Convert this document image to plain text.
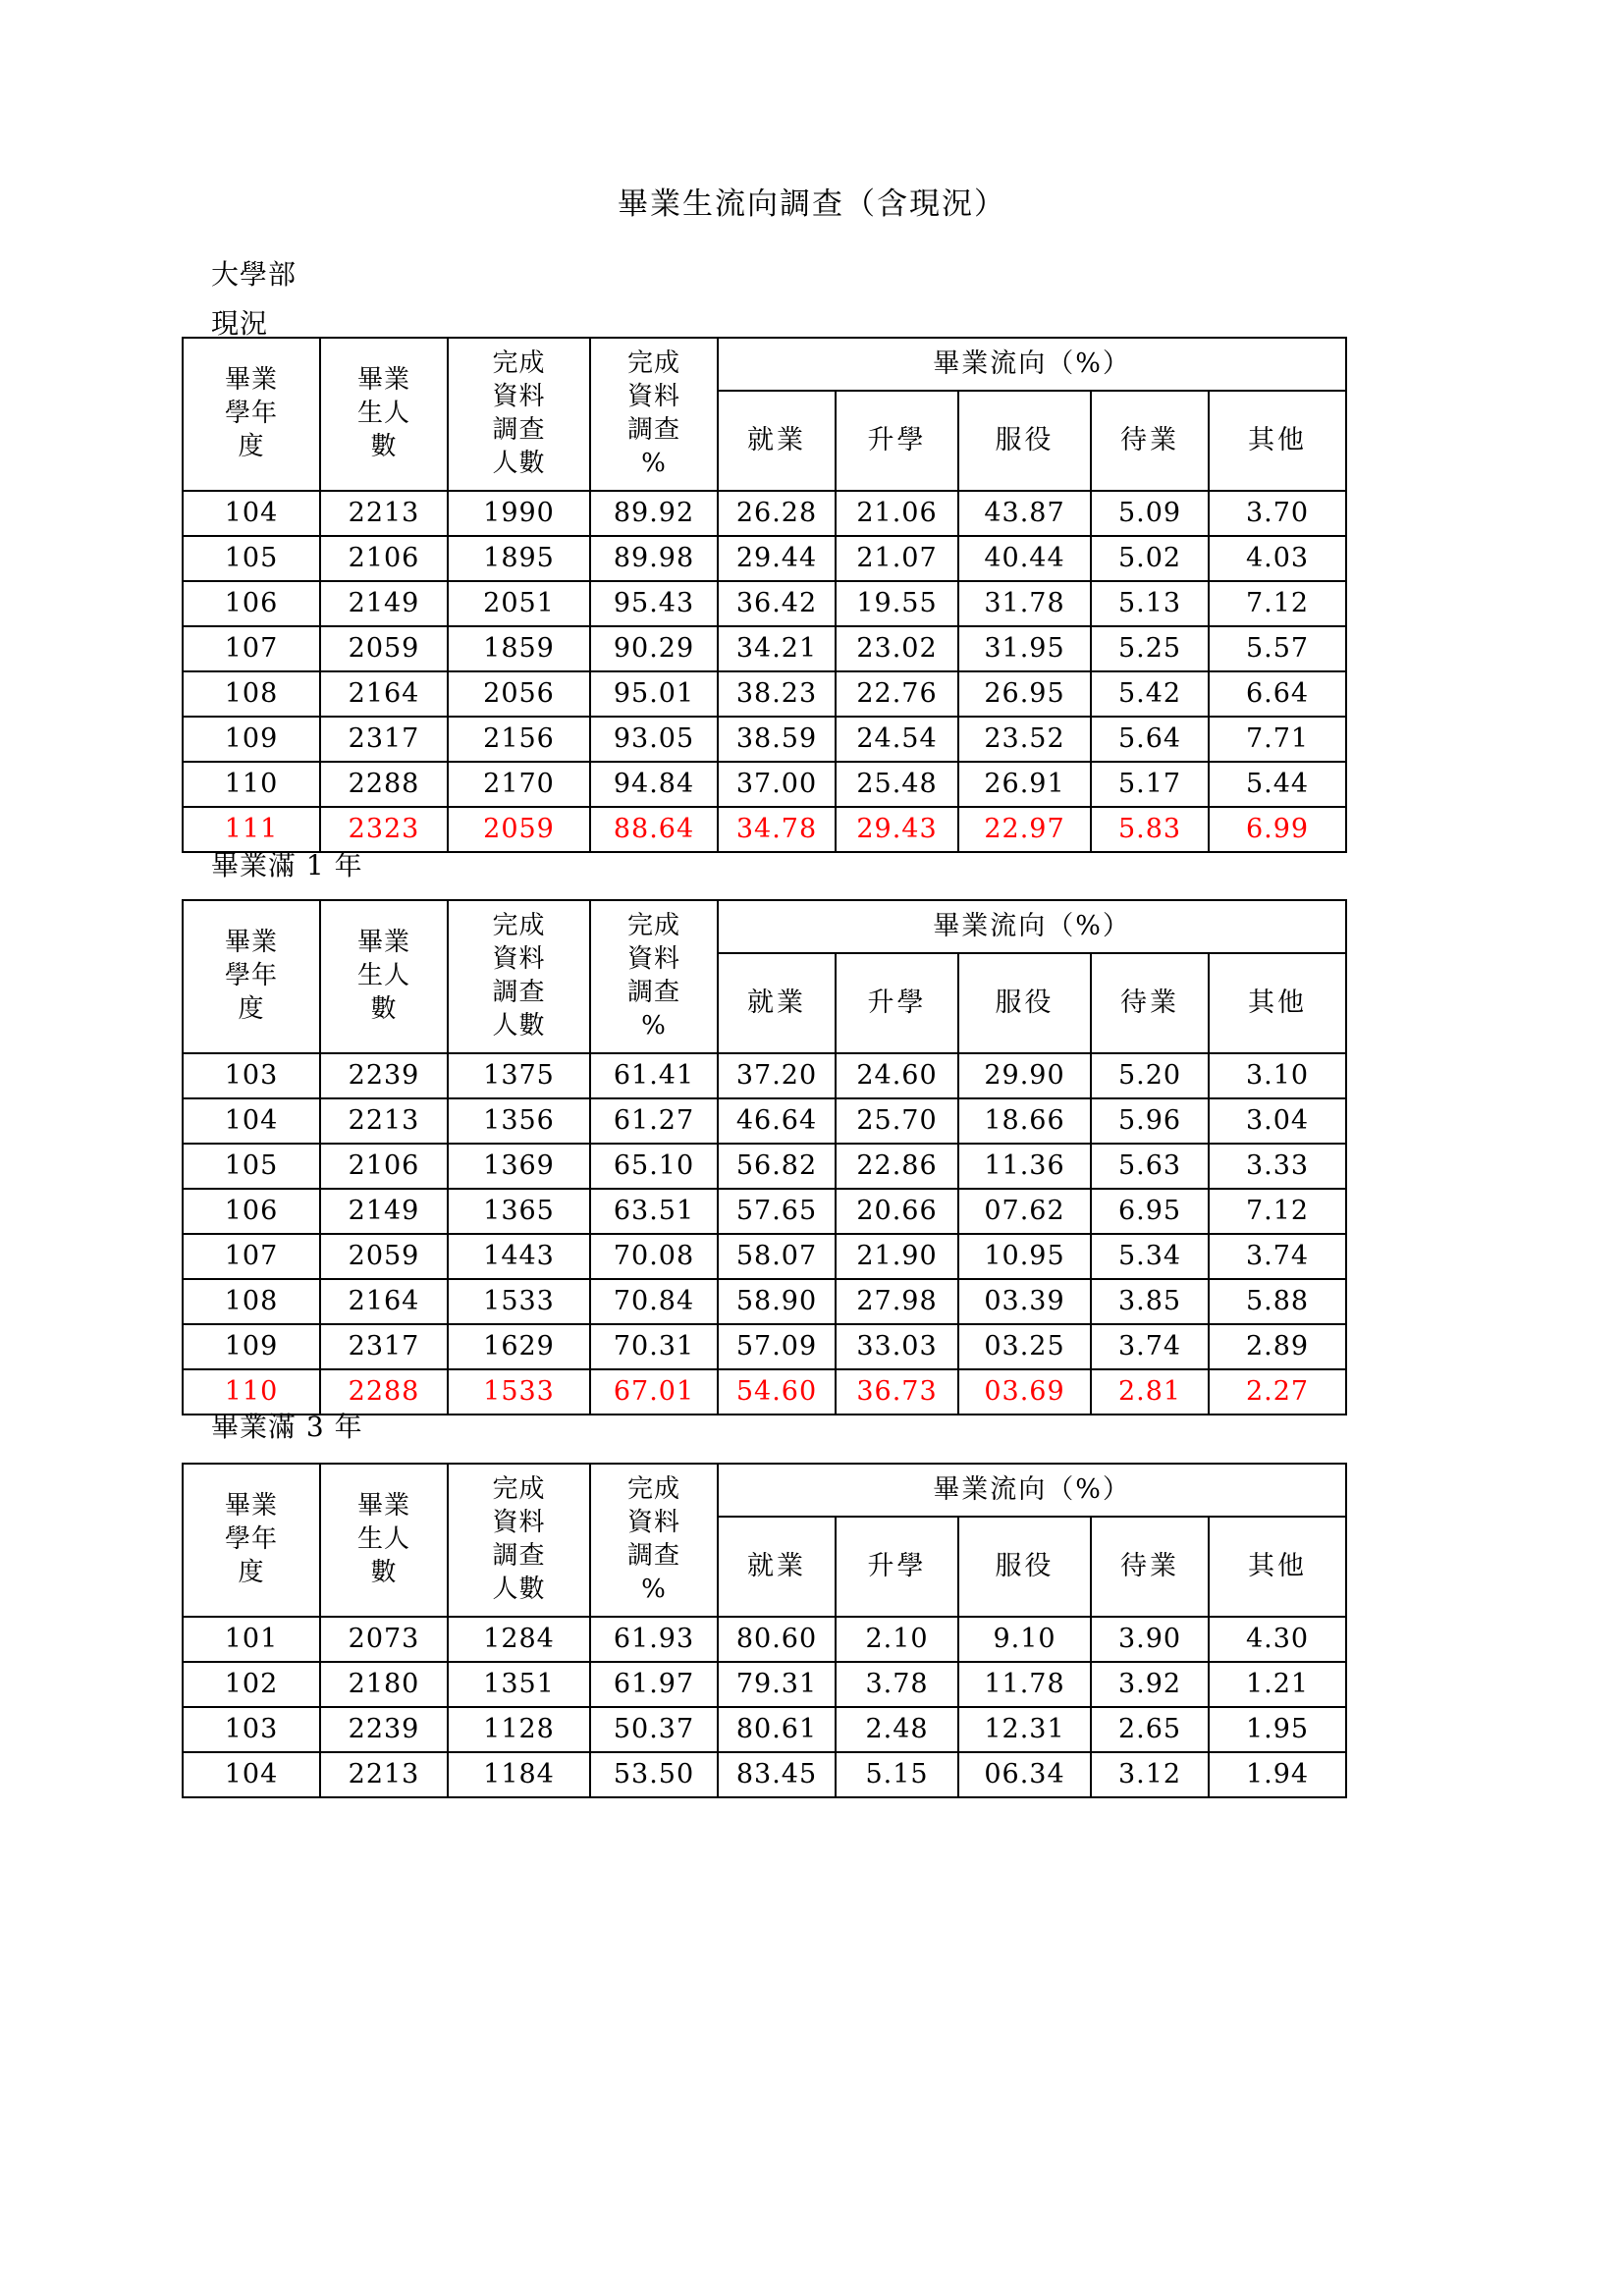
畢業生流向調查（含現況）
大學部
現況
畢業滿 1 年
畢業滿 3 年
畢業
學年
度	畢業
生人
數	完成
資料
調查
人數	完成
資料
調查
%	畢業流向（%）				
				就業	升學	服役	待業	其他
104	2213	1990	89.92	26.28	21.06	43.87	5.09	3.70
105	2106	1895	89.98	29.44	21.07	40.44	5.02	4.03
106	2149	2051	95.43	36.42	19.55	31.78	5.13	7.12
107	2059	1859	90.29	34.21	23.02	31.95	5.25	5.57
108	2164	2056	95.01	38.23	22.76	26.95	5.42	6.64
109	2317	2156	93.05	38.59	24.54	23.52	5.64	7.71
110	2288	2170	94.84	37.00	25.48	26.91	5.17	5.44
111	2323	2059	88.64	34.78	29.43	22.97	5.83	6.99
畢業
學年
度	畢業
生人
數	完成
資料
調查
人數	完成
資料
調查
%	畢業流向（%）				
				就業	升學	服役	待業	其他
103	2239	1375	61.41	37.20	24.60	29.90	5.20	3.10
104	2213	1356	61.27	46.64	25.70	18.66	5.96	3.04
105	2106	1369	65.10	56.82	22.86	11.36	5.63	3.33
106	2149	1365	63.51	57.65	20.66	07.62	6.95	7.12
107	2059	1443	70.08	58.07	21.90	10.95	5.34	3.74
108	2164	1533	70.84	58.90	27.98	03.39	3.85	5.88
109	2317	1629	70.31	57.09	33.03	03.25	3.74	2.89
110	2288	1533	67.01	54.60	36.73	03.69	2.81	2.27
畢業
學年
度	畢業
生人
數	完成
資料
調查
人數	完成
資料
調查
%	畢業流向（%）				
				就業	升學	服役	待業	其他
101	2073	1284	61.93	80.60	2.10	9.10	3.90	4.30
102	2180	1351	61.97	79.31	3.78	11.78	3.92	1.21
103	2239	1128	50.37	80.61	2.48	12.31	2.65	1.95
104	2213	1184	53.50	83.45	5.15	06.34	3.12	1.94
